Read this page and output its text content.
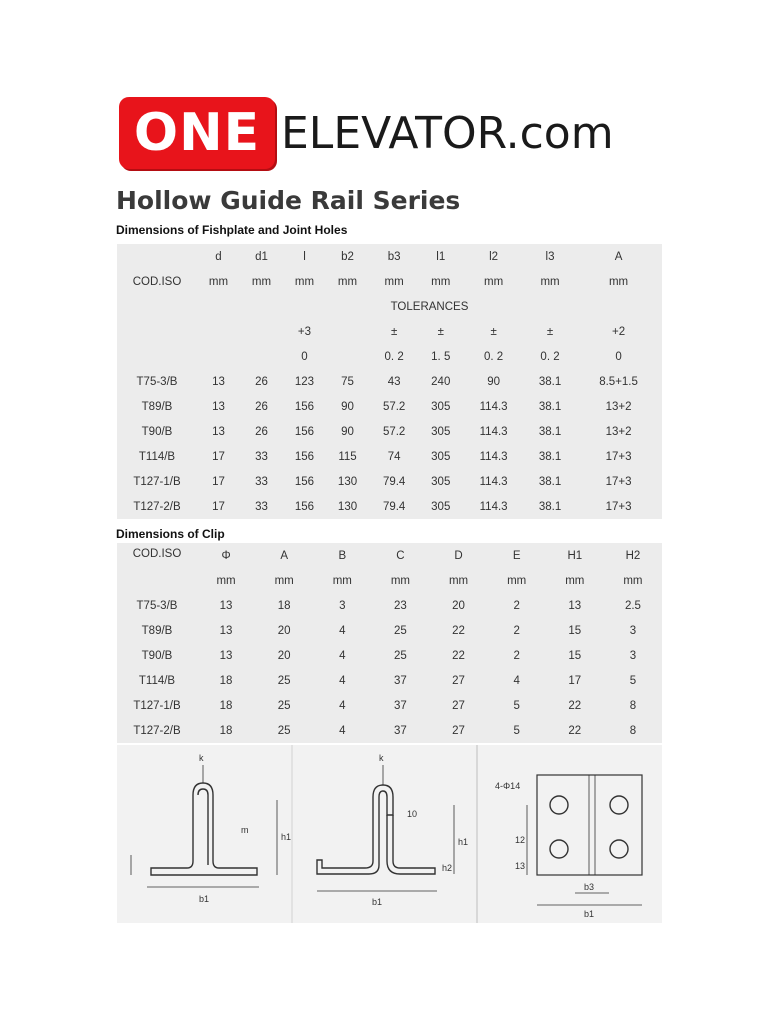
ONE ELEVATOR.com
Hollow Guide Rail Series

Dimensions of Fishplate and Joint Holes

COD.ISO	d	d1	l	b2	b3	l1	l2	l3	A
	mm	mm	mm	mm	mm	mm	mm	mm	mm
	TOLERANCES								
			+3		±	±	±	±	+2
			0		0. 2	1. 5	0. 2	0. 2	0
T75-3/B	13	26	123	75	43	240	90	38.1	8.5+1.5
T89/B	13	26	156	90	57.2	305	114.3	38.1	13+2
T90/B	13	26	156	90	57.2	305	114.3	38.1	13+2
T114/B	17	33	156	115	74	305	114.3	38.1	17+3
T127-1/B	17	33	156	130	79.4	305	114.3	38.1	17+3
T127-2/B	17	33	156	130	79.4	305	114.3	38.1	17+3

Dimensions of Clip

COD.ISO	Φ	A	B	C	D	E	H1	H2
	mm	mm	mm	mm	mm	mm	mm	mm
T75-3/B	13	18	3	23	20	2	13	2.5
T89/B	13	20	4	25	22	2	15	3
T90/B	13	20	4	25	22	2	15	3
T114/B	18	25	4	37	27	4	17	5
T127-1/B	18	25	4	37	27	5	22	8
T127-2/B	18	25	4	37	27	5	22	8
b1
h1
k
m
b1
h1
h2
k
10
4-Φ14
12
13
b3
b1
